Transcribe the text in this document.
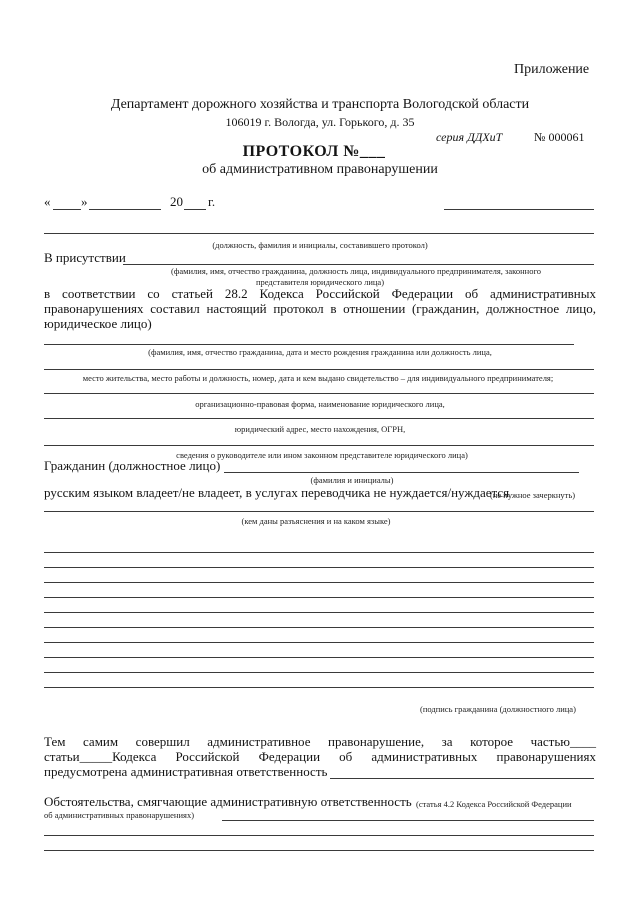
Приложение
Департамент дорожного хозяйства и транспорта Вологодской области
106019 г. Вологда, ул. Горького, д. 35
серия ДДХиТ	№ 000061
ПРОТОКОЛ №___
об административном правонарушении
« »	20 г.
(должность, фамилия и инициалы, составившего протокол)
В присутствии
(фамилия, имя, отчество гражданина, должность лица, индивидуального предпринимателя, законного
представителя юридического лица)
в соответствии со статьей 28.2 Кодекса Российской Федерации об административных
правонарушениях составил настоящий протокол в отношении (гражданин, должностное лицо,
юридическое лицо)
(фамилия, имя, отчество гражданина, дата и место рождения гражданина или должность лица,
место жительства, место работы и должность, номер, дата и кем выдано свидетельство – для индивидуального предпринимателя;
организационно-правовая форма, наименование юридического лица,
юридический адрес, место нахождения, ОГРН,
сведения о руководителе или ином законном представителе юридического лица)
Гражданин (должностное лицо)
(фамилия и инициалы)
русским языком владеет/не владеет, в услугах переводчика не нуждается/нуждается
(не нужное зачеркнуть)
(кем даны разъяснения и на каком языке)
(подпись гражданина (должностного лица)
Тем самим совершил административное правонарушение, за которое частью____
статьи_____Кодекса Российской Федерации об административных правонарушениях
предусмотрена административная ответственность
Обстоятельства, смягчающие административную ответственность (статья 4.2 Кодекса Российской Федерации
об административных правонарушениях)
